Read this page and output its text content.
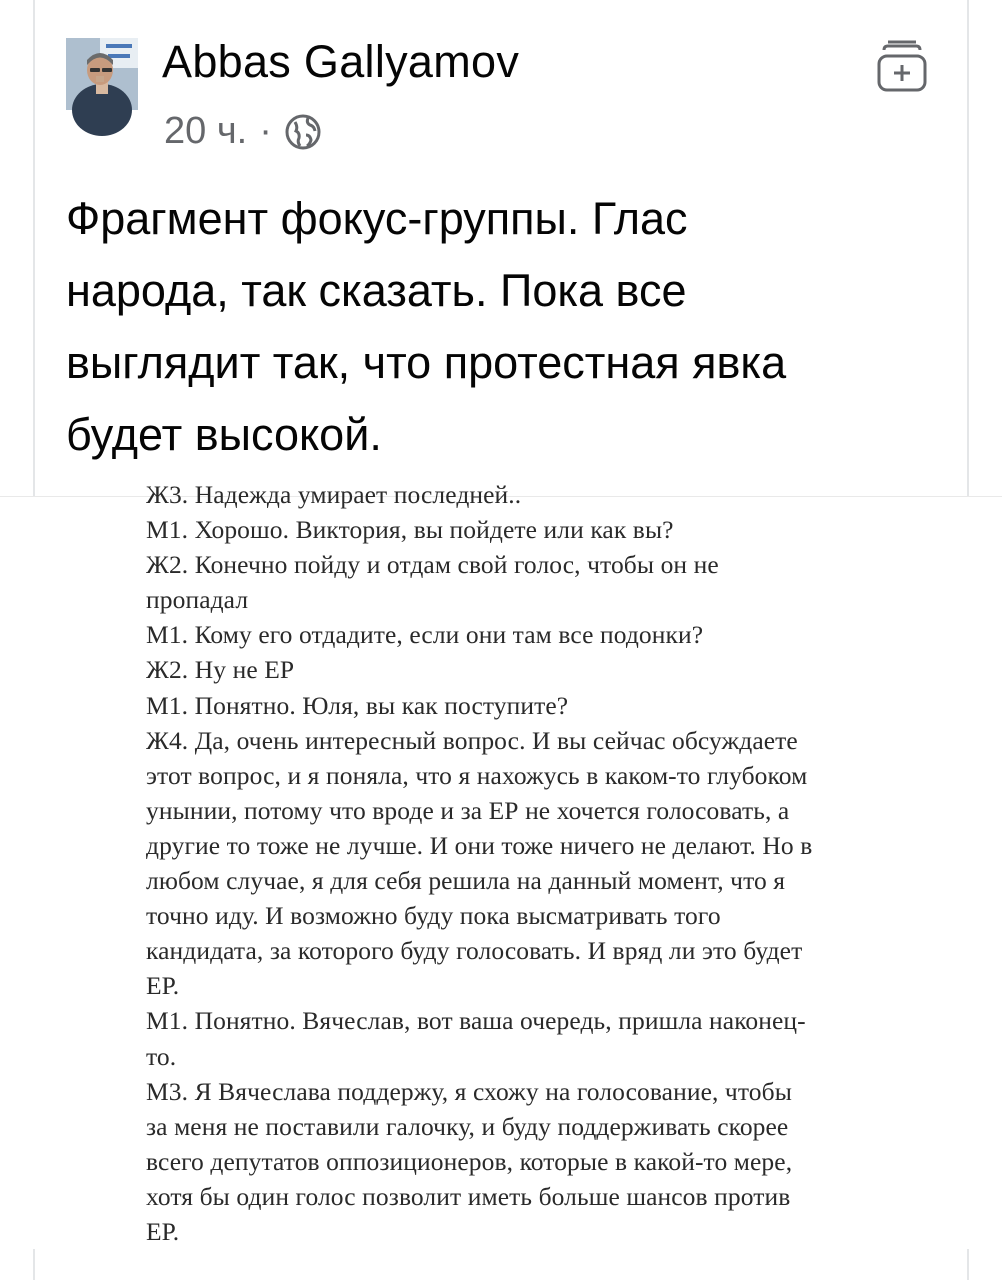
Abbas Gallyamov
20 ч. ·

Фрагмент фокус-группы. Глас
народа, так сказать. Пока все
выглядит так, что протестная явка
будет высокой.

Ж3. Надежда умирает последней..
М1. Хорошо. Виктория, вы пойдете или как вы?
Ж2. Конечно пойду и отдам свой голос, чтобы он не
пропадал
М1. Кому его отдадите, если они там все подонки?
Ж2. Ну не ЕР
М1. Понятно. Юля, вы как поступите?
Ж4. Да, очень интересный вопрос. И вы сейчас обсуждаете
этот вопрос, и я поняла, что я нахожусь в каком-то глубоком
унынии, потому что вроде и за ЕР не хочется голосовать, а
другие то тоже не лучше. И они тоже ничего не делают. Но в
любом случае, я для себя решила на данный момент, что я
точно иду. И возможно буду пока высматривать того
кандидата, за которого буду голосовать. И вряд ли это будет
ЕР.
М1. Понятно. Вячеслав, вот ваша очередь, пришла наконец-
то.
М3. Я Вячеслава поддержу, я схожу на голосование, чтобы
за меня не поставили галочку, и буду поддерживать скорее
всего депутатов оппозиционеров, которые в какой-то мере,
хотя бы один голос позволит иметь больше шансов против
ЕР.
